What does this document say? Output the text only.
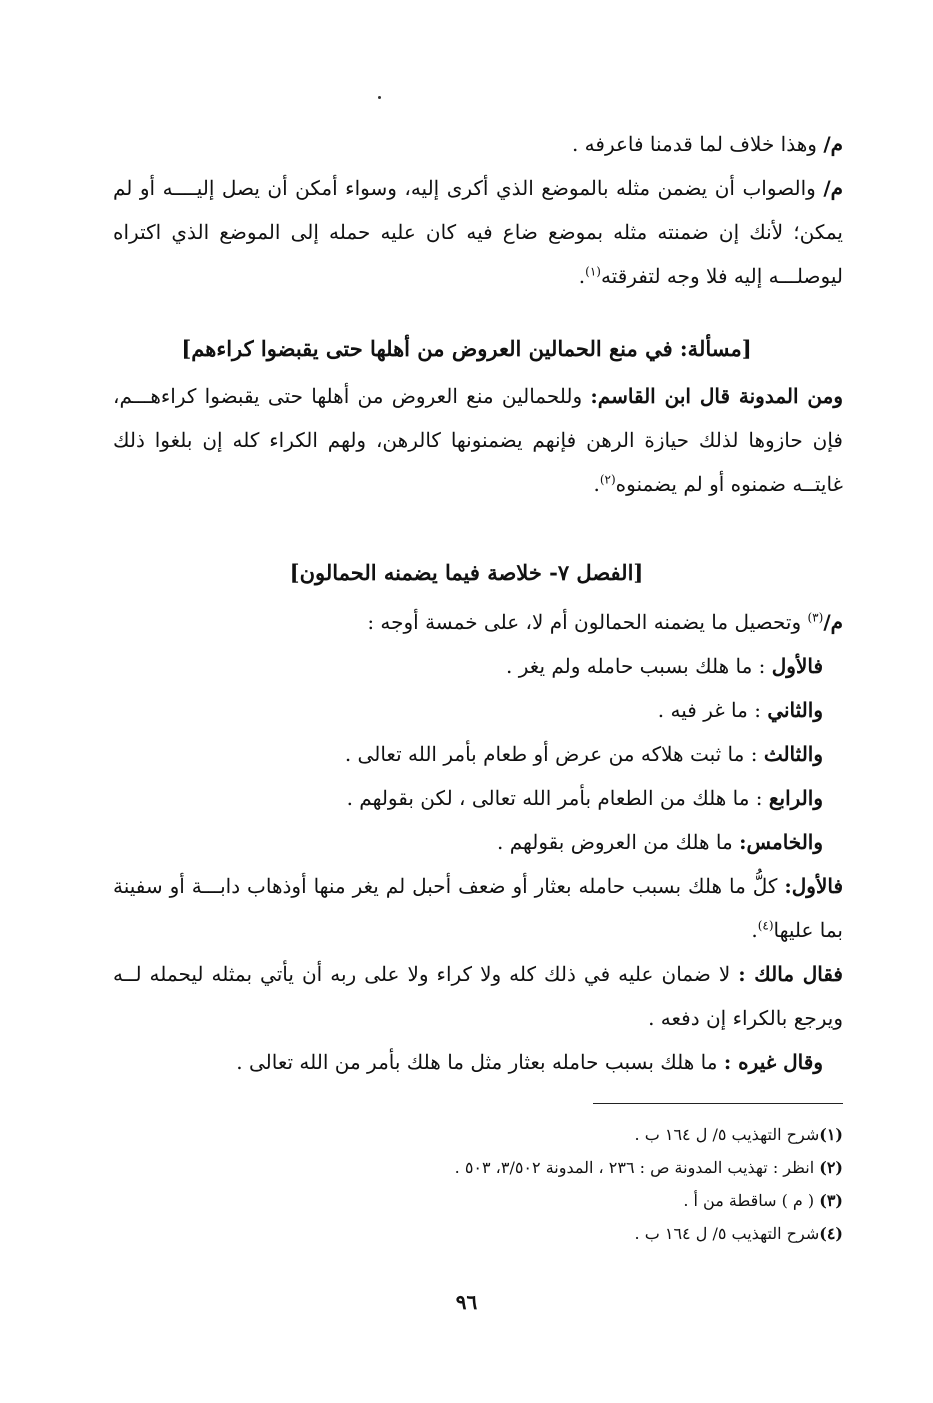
م/ وهذا خلاف لما قدمنا فاعرفه .

م/ والصواب أن يضمن مثله بالموضع الذي أكرى إليه، وسواء أمكن أن يصل إليــــه أو لم يمكن؛ لأنك إن ضمنته مثله بموضع ضاع فيه كان عليه حمله إلى الموضع الذي اكتراه ليوصلـــه إليه فلا وجه لتفرقته$^{(١)}$.

[مسألة: في منع الحمالين العروض من أهلها حتى يقبضوا كراءهم]

ومن المدونة قال ابن القاسم: وللحمالين منع العروض من أهلها حتى يقبضوا كراءهـــم، فإن حازوها لذلك حيازة الرهن فإنهم يضمنونها كالرهن، ولهم الكراء كله إن بلغوا ذلك غايتــه ضمنوه أو لم يضمنوه$^{(٢)}$.

[الفصل ٧- خلاصة فيما يضمنه الحمالون]

م/$^{(٣)}$ وتحصيل ما يضمنه الحمالون أم لا، على خمسة أوجه :

فالأول : ما هلك بسبب حامله ولم يغر .

والثاني : ما غر فيه .

والثالث : ما ثبت هلاكه من عرض أو طعام بأمر الله تعالى .

والرابع : ما هلك من الطعام بأمر الله تعالى ، لكن بقولهم .

والخامس: ما هلك من العروض بقولهم .

فالأول: كلُّ ما هلك بسبب حامله بعثار أو ضعف أحبل لم يغر منها أوذهاب دابـــة أو سفينة بما عليها$^{(٤)}$.

فقال مالك : لا ضمان عليه في ذلك كله ولا كراء ولا على ربه أن يأتي بمثله ليحمله لــه ويرجع بالكراء إن دفعه .

وقال غيره : ما هلك بسبب حامله بعثار مثل ما هلك بأمر من الله تعالى .

(١)شرح التهذيب ٥/ ل ١٦٤ ب .

(٢) انظر : تهذيب المدونة ص : ٢٣٦ ، المدونة ٣/٥٠٢، ٥٠٣ .

(٣) ( م ) ساقطة من أ .

(٤)شرح التهذيب ٥/ ل ١٦٤ ب .

٩٦
